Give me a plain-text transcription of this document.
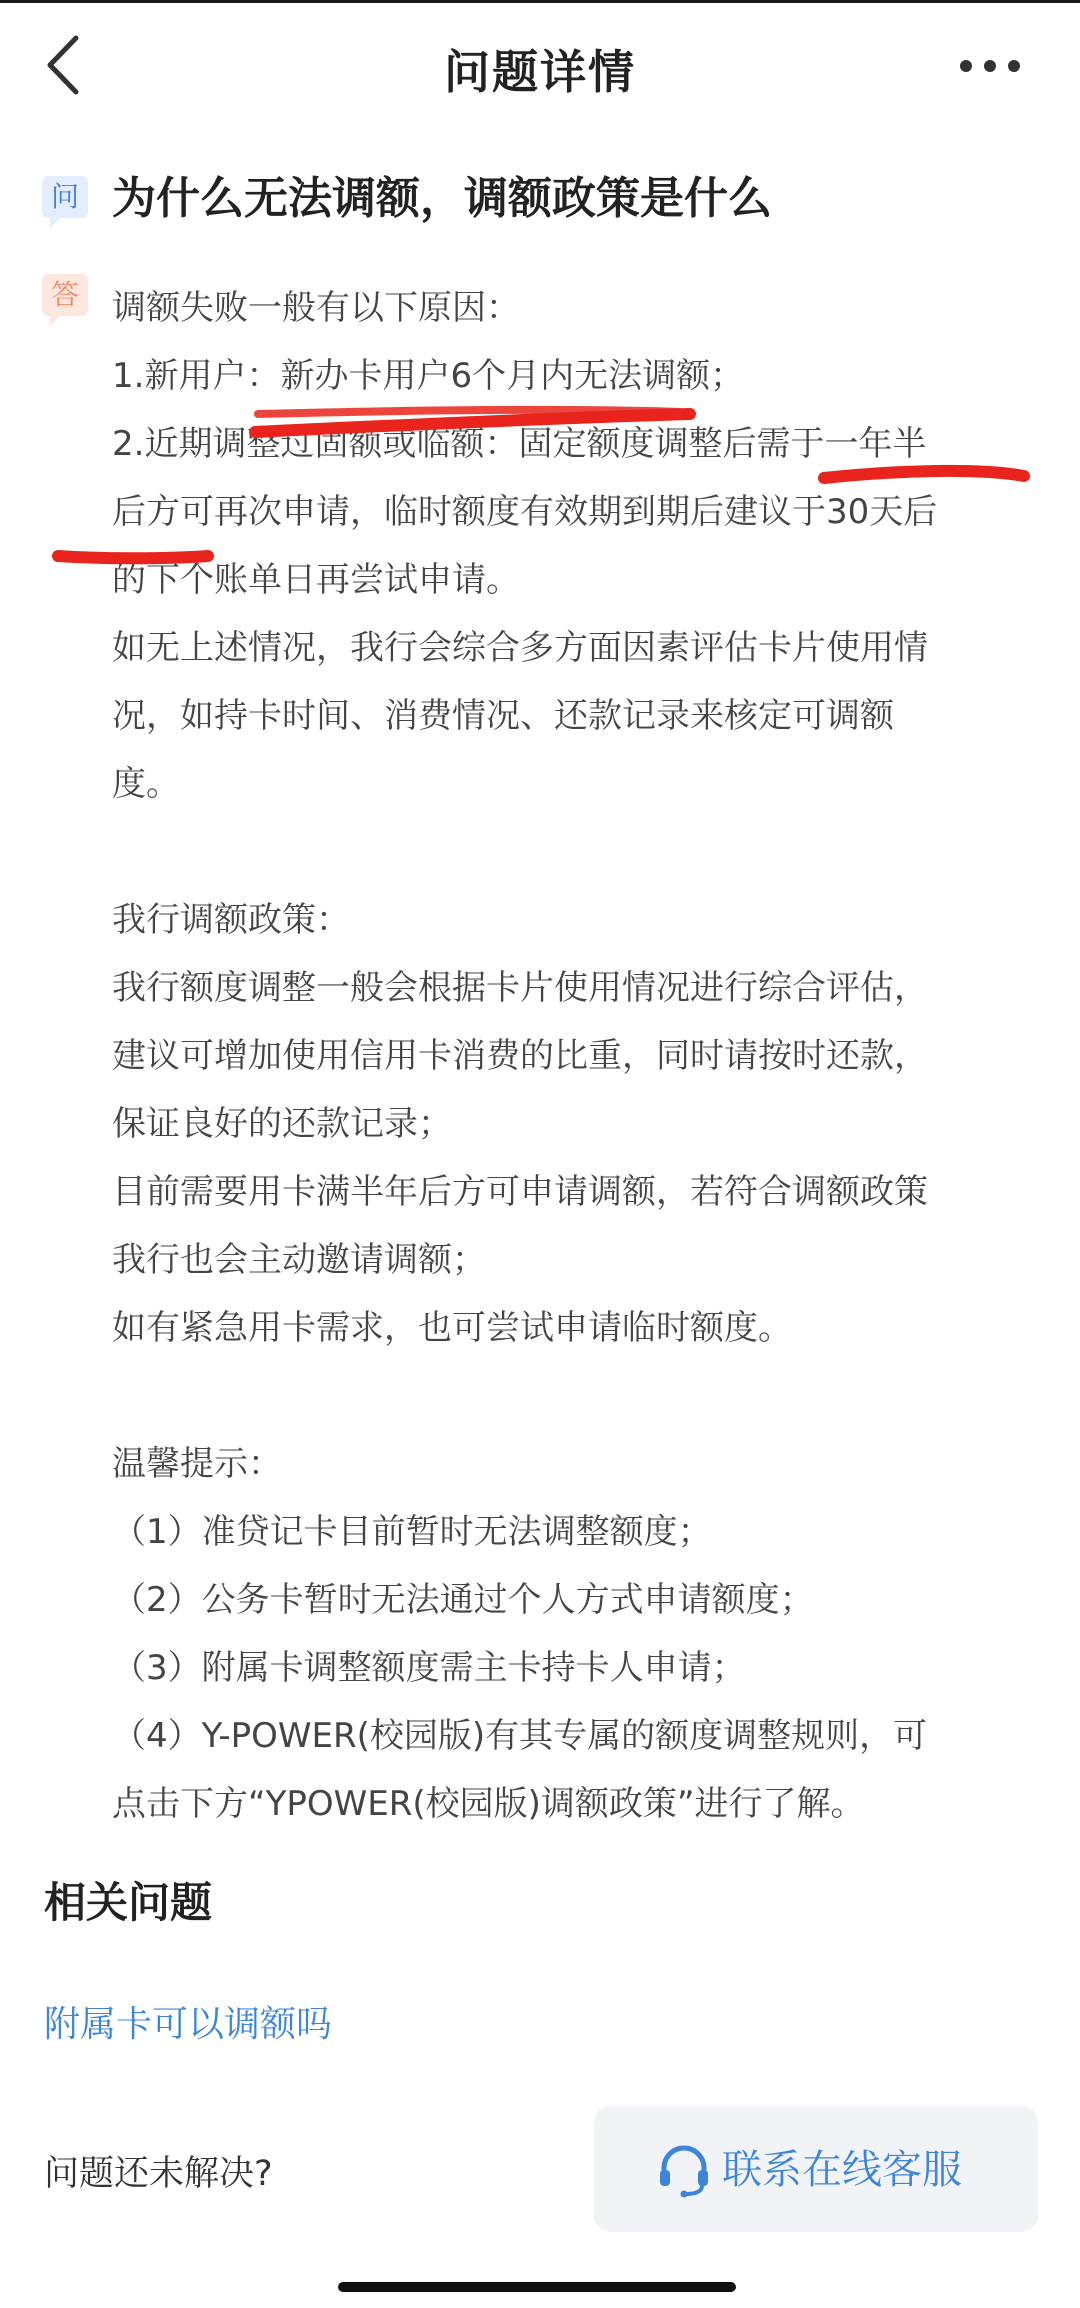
问题详情
问 为什么无法调额，调额政策是什么
答 调额失败一般有以下原因：

1.新用户：新办卡用户6个月内无法调额；

2.近期调整过固额或临额：固定额度调整后需于一年半

后方可再次申请，临时额度有效期到期后建议于30天后

的下个账单日再尝试申请。

如无上述情况，我行会综合多方面因素评估卡片使用情

况，如持卡时间、消费情况、还款记录来核定可调额

度。

我行调额政策：

我行额度调整一般会根据卡片使用情况进行综合评估，

建议可增加使用信用卡消费的比重，同时请按时还款，

保证良好的还款记录；

目前需要用卡满半年后方可申请调额，若符合调额政策

我行也会主动邀请调额；

如有紧急用卡需求，也可尝试申请临时额度。

温馨提示：

（1）准贷记卡目前暂时无法调整额度；

（2）公务卡暂时无法通过个人方式申请额度；

（3）附属卡调整额度需主卡持卡人申请；

（4）Y-POWER(校园版)有其专属的额度调整规则，可

点击下方“YPOWER(校园版)调额政策”进行了解。

相关问题
附属卡可以调额吗
问题还未解决?	联系在线客服
